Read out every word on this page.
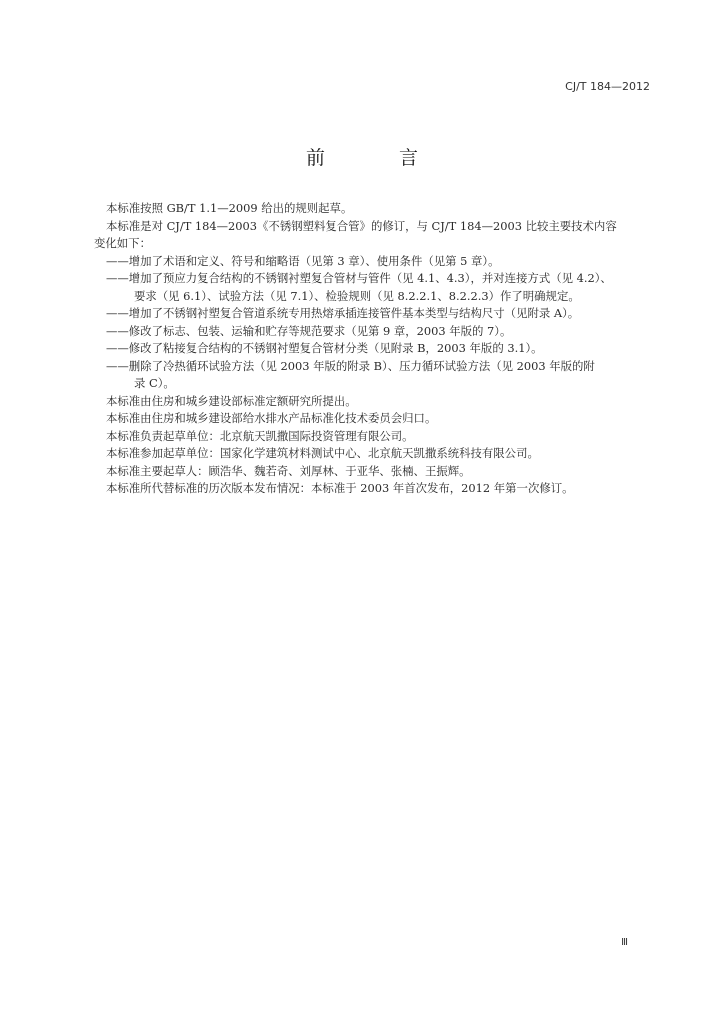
CJ/T 184—2012
前 言
本标准按照 GB/T 1.1—2009 给出的规则起草。
本标准是对 CJ/T 184—2003《不锈钢塑料复合管》的修订，与 CJ/T 184—2003 比较主要技术内容
变化如下：
——增加了术语和定义、符号和缩略语（见第 3 章）、使用条件（见第 5 章）。
——增加了预应力复合结构的不锈钢衬塑复合管材与管件（见 4.1、4.3），并对连接方式（见 4.2）、
要求（见 6.1）、试验方法（见 7.1）、检验规则（见 8.2.2.1、8.2.2.3）作了明确规定。
——增加了不锈钢衬塑复合管道系统专用热熔承插连接管件基本类型与结构尺寸（见附录 A）。
——修改了标志、包装、运输和贮存等规范要求（见第 9 章，2003 年版的 7）。
——修改了粘接复合结构的不锈钢衬塑复合管材分类（见附录 B，2003 年版的 3.1）。
——删除了冷热循环试验方法（见 2003 年版的附录 B）、压力循环试验方法（见 2003 年版的附
录 C）。
本标准由住房和城乡建设部标准定额研究所提出。
本标准由住房和城乡建设部给水排水产品标准化技术委员会归口。
本标准负责起草单位：北京航天凯撒国际投资管理有限公司。
本标准参加起草单位：国家化学建筑材料测试中心、北京航天凯撒系统科技有限公司。
本标准主要起草人：顾浩华、魏若奇、刘厚林、于亚华、张楠、王振辉。
本标准所代替标准的历次版本发布情况：本标准于 2003 年首次发布，2012 年第一次修订。
Ⅲ
